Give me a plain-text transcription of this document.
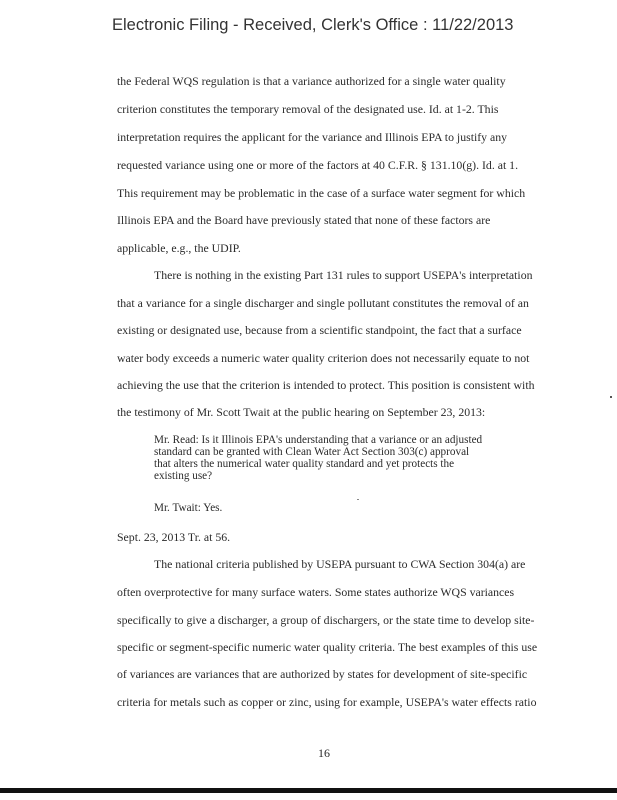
Electronic Filing - Received, Clerk's Office : 11/22/2013
the Federal WQS regulation is that a variance authorized for a single water quality
criterion constitutes the temporary removal of the designated use. Id. at 1-2. This
interpretation requires the applicant for the variance and Illinois EPA to justify any
requested variance using one or more of the factors at 40 C.F.R. § 131.10(g). Id. at 1.
This requirement may be problematic in the case of a surface water segment for which
Illinois EPA and the Board have previously stated that none of these factors are
applicable, e.g., the UDIP.
There is nothing in the existing Part 131 rules to support USEPA's interpretation
that a variance for a single discharger and single pollutant constitutes the removal of an
existing or designated use, because from a scientific standpoint, the fact that a surface
water body exceeds a numeric water quality criterion does not necessarily equate to not
achieving the use that the criterion is intended to protect. This position is consistent with
the testimony of Mr. Scott Twait at the public hearing on September 23, 2013:
Mr. Read: Is it Illinois EPA's understanding that a variance or an adjusted
standard can be granted with Clean Water Act Section 303(c) approval
that alters the numerical water quality standard and yet protects the
existing use?
Mr. Twait: Yes.
Sept. 23, 2013 Tr. at 56.
The national criteria published by USEPA pursuant to CWA Section 304(a) are
often overprotective for many surface waters. Some states authorize WQS variances
specifically to give a discharger, a group of dischargers, or the state time to develop site-
specific or segment-specific numeric water quality criteria. The best examples of this use
of variances are variances that are authorized by states for development of site-specific
criteria for metals such as copper or zinc, using for example, USEPA's water effects ratio
16
